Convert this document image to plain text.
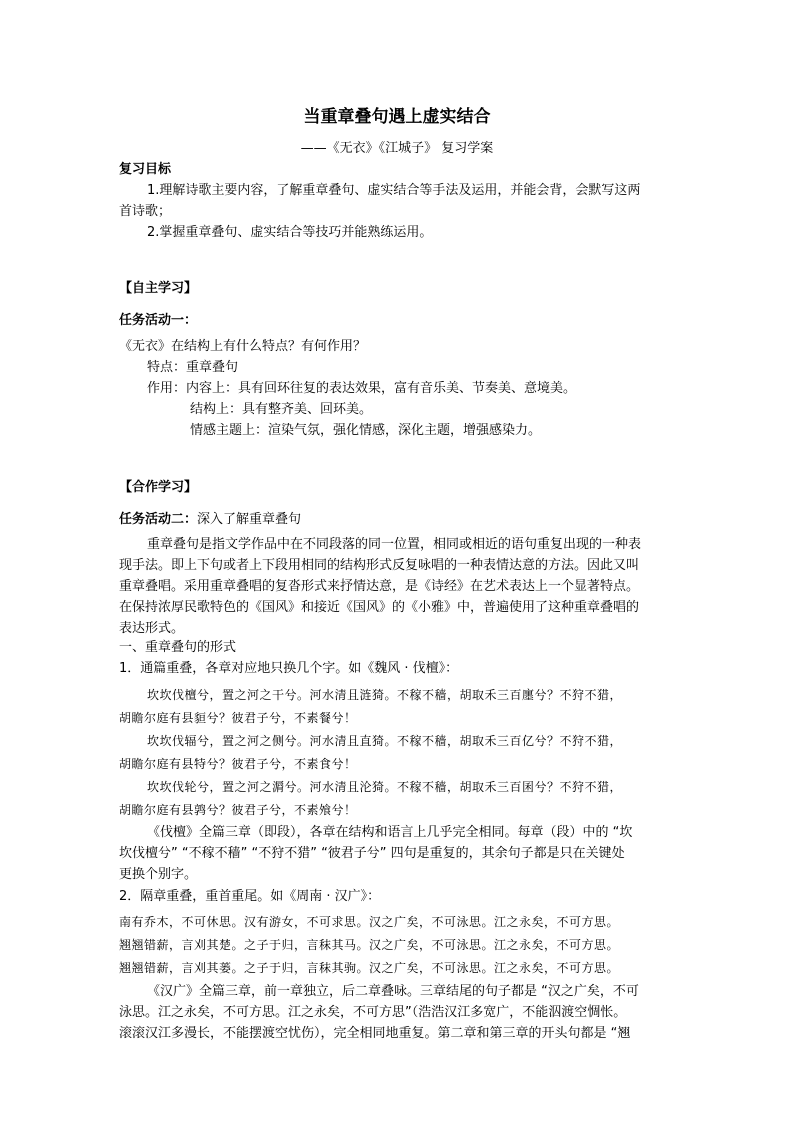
当重章叠句遇上虚实结合
——《无衣》《江城子》 复习学案
复习目标
1.理解诗歌主要内容，了解重章叠句、虚实结合等手法及运用，并能会背，会默写这两
首诗歌；
2.掌握重章叠句、虚实结合等技巧并能熟练运用。
【自主学习】
任务活动一：
《无衣》在结构上有什么特点？有何作用？
特点：重章叠句
作用：内容上：具有回环往复的表达效果，富有音乐美、节奏美、意境美。
结构上：具有整齐美、回环美。
情感主题上：渲染气氛，强化情感，深化主题，增强感染力。
【合作学习】
任务活动二：深入了解重章叠句
重章叠句是指文学作品中在不同段落的同一位置，相同或相近的语句重复出现的一种表
现手法。即上下句或者上下段用相同的结构形式反复咏唱的一种表情达意的方法。因此又叫
重章叠唱。采用重章叠唱的复沓形式来抒情达意，是《诗经》在艺术表达上一个显著特点。
在保持浓厚民歌特色的《国风》和接近《国风》的《小雅》中，普遍使用了这种重章叠唱的
表达形式。
一、重章叠句的形式
1．通篇重叠，各章对应地只换几个字。如《魏风 · 伐檀》：
坎坎伐檀兮，置之河之干兮。河水清且涟猗。不稼不穑，胡取禾三百廛兮？不狩不猎，
胡瞻尔庭有县貆兮？彼君子兮，不素餐兮！
坎坎伐辐兮，置之河之侧兮。河水清且直猗。不稼不穑，胡取禾三百亿兮？不狩不猎，
胡瞻尔庭有县特兮？彼君子兮，不素食兮！
坎坎伐轮兮，置之河之漘兮。河水清且沦猗。不稼不穑，胡取禾三百囷兮？不狩不猎，
胡瞻尔庭有县鹑兮？彼君子兮，不素飧兮！
《伐檀》全篇三章（即段），各章在结构和语言上几乎完全相同。每章（段）中的 “坎
坎伐檀兮” “不稼不穑” “不狩不猎” “彼君子兮” 四句是重复的，其余句子都是只在关键处
更换个别字。
2．隔章重叠，重首重尾。如《周南 · 汉广》：
南有乔木，不可休思。汉有游女，不可求思。汉之广矣，不可泳思。江之永矣，不可方思。
翘翘错薪，言刈其楚。之子于归，言秣其马。汉之广矣，不可泳思。江之永矣，不可方思。
翘翘错薪，言刈其蒌。之子于归，言秣其驹。汉之广矣，不可泳思。江之永矣，不可方思。
《汉广》全篇三章，前一章独立，后二章叠咏。三章结尾的句子都是 “汉之广矣，不可
泳思。江之永矣，不可方思。江之永矣，不可方思”（浩浩汉江多宽广，不能泅渡空惆怅。
滚滚汉江多漫长，不能摆渡空忧伤），完全相同地重复。第二章和第三章的开头句都是 “翘
